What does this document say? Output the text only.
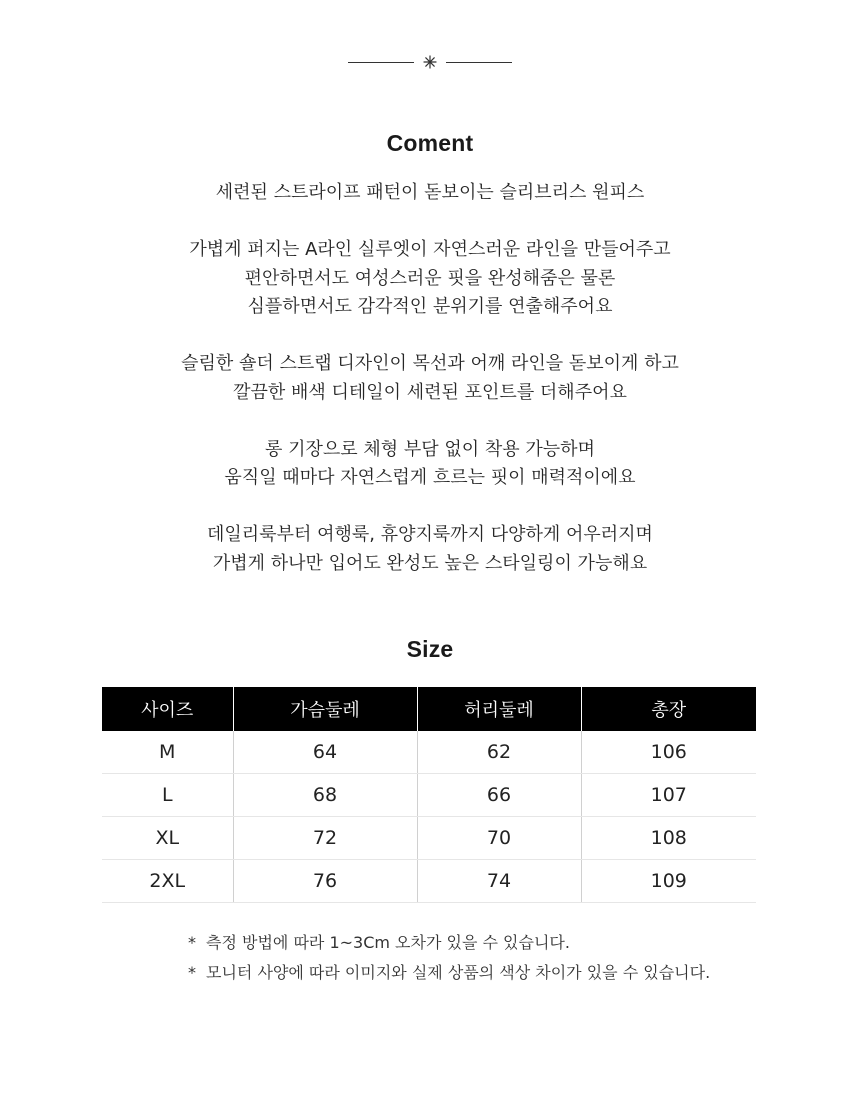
Coment

세련된 스트라이프 패턴이 돋보이는 슬리브리스 원피스

가볍게 퍼지는 A라인 실루엣이 자연스러운 라인을 만들어주고
편안하면서도 여성스러운 핏을 완성해줌은 물론
심플하면서도 감각적인 분위기를 연출해주어요

슬림한 숄더 스트랩 디자인이 목선과 어깨 라인을 돋보이게 하고
깔끔한 배색 디테일이 세련된 포인트를 더해주어요

롱 기장으로 체형 부담 없이 착용 가능하며
움직일 때마다 자연스럽게 흐르는 핏이 매력적이에요

데일리룩부터 여행룩, 휴양지룩까지 다양하게 어우러지며
가볍게 하나만 입어도 완성도 높은 스타일링이 가능해요

Size
사이즈	가슴둘레	허리둘레	총장
M	64	62	106
L	68	66	107
XL	72	70	108
2XL	76	74	109
* 측정 방법에 따라 1~3Cm 오차가 있을 수 있습니다.
* 모니터 사양에 따라 이미지와 실제 상품의 색상 차이가 있을 수 있습니다.
